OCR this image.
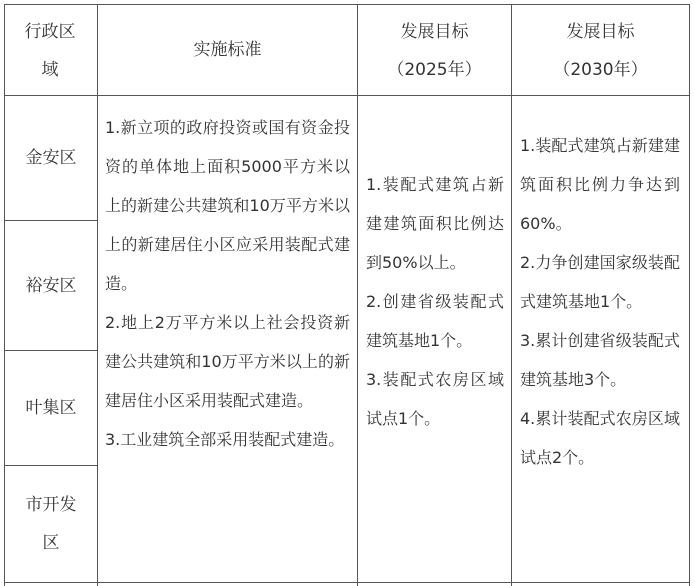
行政区域
实施标准
发展目标
（2025年）
发展目标
（2030年）
金安区
裕安区
叶集区
市开发区

1.新立项的政府投资或国有资金投资的单体地上面积5000平方米以上的新建公共建筑和10万平方米以上的新建居住小区应采用装配式建造。

2.地上2万平方米以上社会投资新建公共建筑和10万平方米以上的新建居住小区采用装配式建造。

3.工业建筑全部采用装配式建造。

1.装配式建筑占新建建筑面积比例达到50%以上。

2.创建省级装配式建筑基地1个。

3.装配式农房区域试点1个。

1.装配式建筑占新建建筑面积比例力争达到60%。

2.力争创建国家级装配式建筑基地1个。

3.累计创建省级装配式建筑基地3个。

4.累计装配式农房区域试点2个。
